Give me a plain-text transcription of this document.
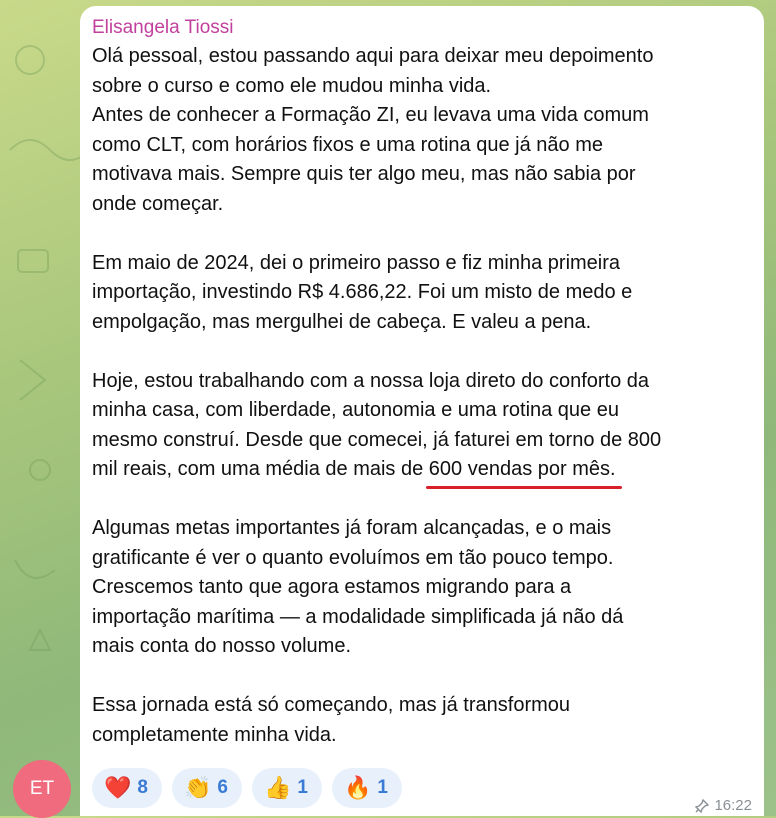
Elisangela Tiossi

Olá pessoal, estou passando aqui para deixar meu depoimento
sobre o curso e como ele mudou minha vida.
Antes de conhecer a Formação ZI, eu levava uma vida comum
como CLT, com horários fixos e uma rotina que já não me
motivava mais. Sempre quis ter algo meu, mas não sabia por
onde começar.

Em maio de 2024, dei o primeiro passo e fiz minha primeira
importação, investindo R$ 4.686,22. Foi um misto de medo e
empolgação, mas mergulhei de cabeça. E valeu a pena.

Hoje, estou trabalhando com a nossa loja direto do conforto da
minha casa, com liberdade, autonomia e uma rotina que eu
mesmo construí. Desde que comecei, já faturei em torno de 800
mil reais, com uma média de mais de 600 vendas por mês.

Algumas metas importantes já foram alcançadas, e o mais
gratificante é ver o quanto evoluímos em tão pouco tempo.
Crescemos tanto que agora estamos migrando para a
importação marítima — a modalidade simplificada já não dá
mais conta do nosso volume.

Essa jornada está só começando, mas já transformou
completamente minha vida.

❤️ 8 👏 6 👍 1 🔥 1
16:22
ET
